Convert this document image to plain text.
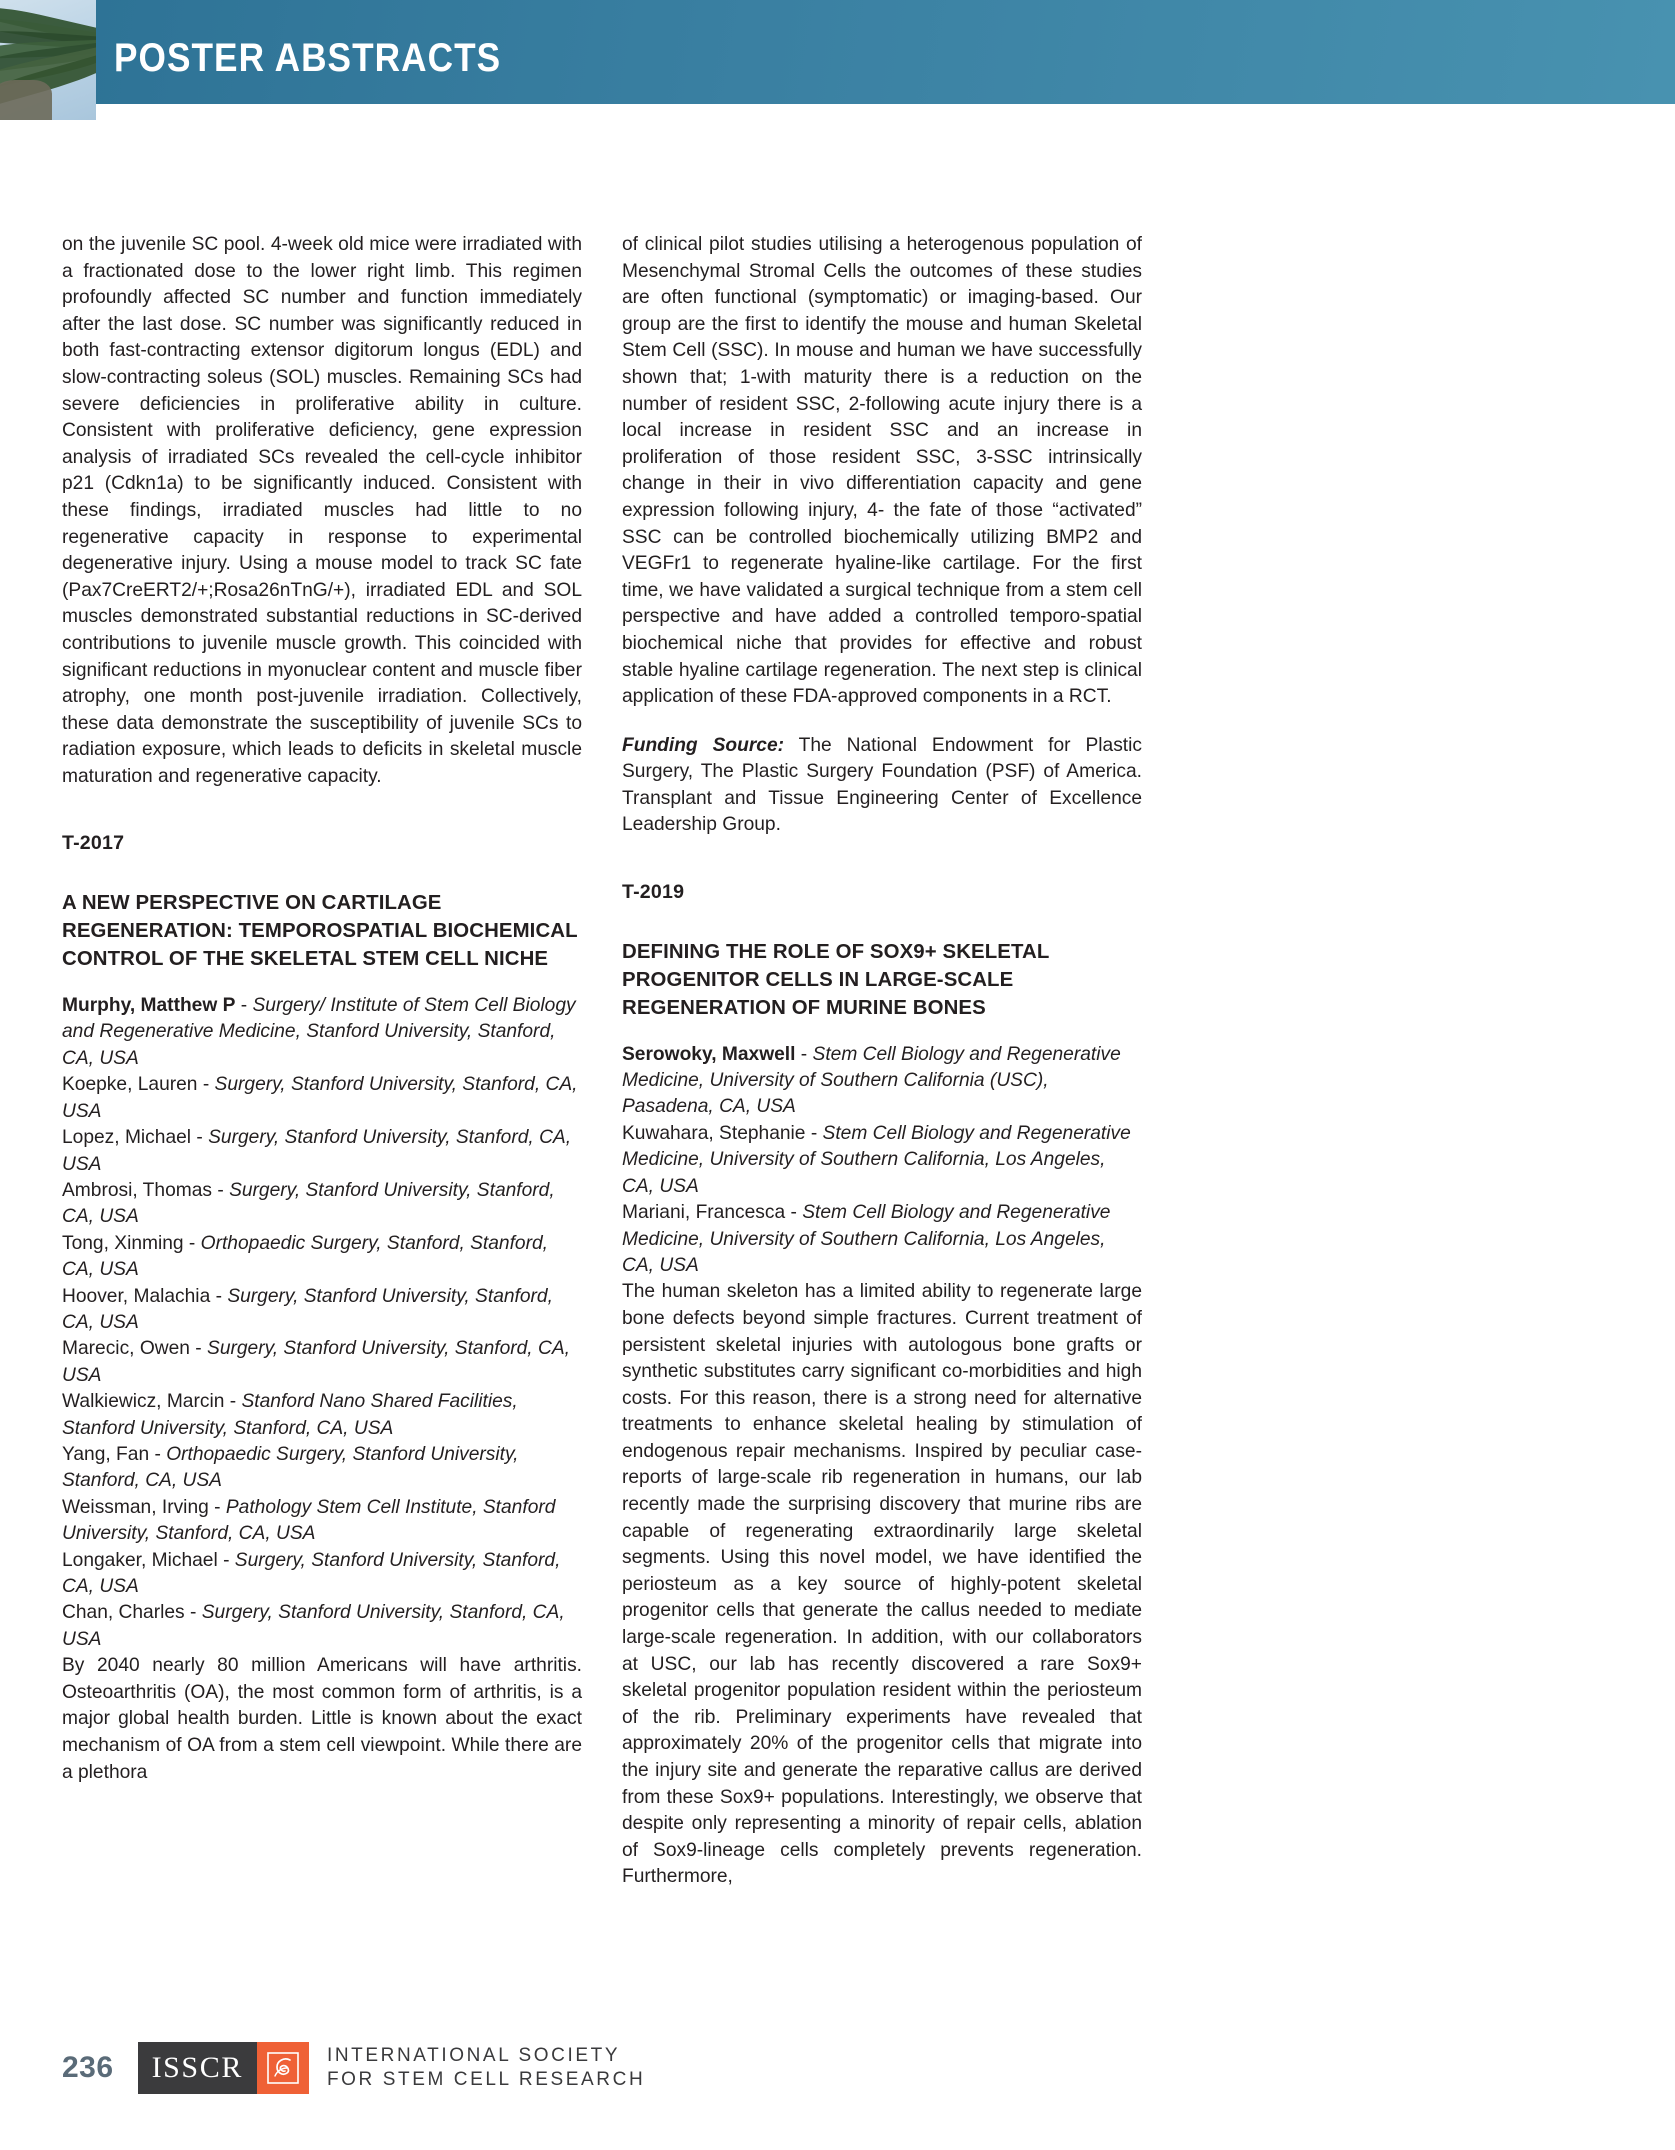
POSTER ABSTRACTS

on the juvenile SC pool. 4-week old mice were irradiated with a fractionated dose to the lower right limb. This regimen profoundly affected SC number and function immediately after the last dose. SC number was significantly reduced in both fast-contracting extensor digitorum longus (EDL) and slow-contracting soleus (SOL) muscles. Remaining SCs had severe deficiencies in proliferative ability in culture. Consistent with proliferative deficiency, gene expression analysis of irradiated SCs revealed the cell-cycle inhibitor p21 (Cdkn1a) to be significantly induced. Consistent with these findings, irradiated muscles had little to no regenerative capacity in response to experimental degenerative injury. Using a mouse model to track SC fate (Pax7CreERT2/+;Rosa26nTnG/+), irradiated EDL and SOL muscles demonstrated substantial reductions in SC-derived contributions to juvenile muscle growth. This coincided with significant reductions in myonuclear content and muscle fiber atrophy, one month post-juvenile irradiation. Collectively, these data demonstrate the susceptibility of juvenile SCs to radiation exposure, which leads to deficits in skeletal muscle maturation and regenerative capacity.

T-2017

A NEW PERSPECTIVE ON CARTILAGE REGENERATION: TEMPOROSPATIAL BIOCHEMICAL CONTROL OF THE SKELETAL STEM CELL NICHE

Murphy, Matthew P - Surgery/ Institute of Stem Cell Biology and Regenerative Medicine, Stanford University, Stanford, CA, USA
Koepke, Lauren - Surgery, Stanford University, Stanford, CA, USA
Lopez, Michael - Surgery, Stanford University, Stanford, CA, USA
Ambrosi, Thomas - Surgery, Stanford University, Stanford, CA, USA
Tong, Xinming - Orthopaedic Surgery, Stanford, Stanford, CA, USA
Hoover, Malachia - Surgery, Stanford University, Stanford, CA, USA
Marecic, Owen - Surgery, Stanford University, Stanford, CA, USA
Walkiewicz, Marcin - Stanford Nano Shared Facilities, Stanford University, Stanford, CA, USA
Yang, Fan - Orthopaedic Surgery, Stanford University, Stanford, CA, USA
Weissman, Irving - Pathology Stem Cell Institute, Stanford University, Stanford, CA, USA
Longaker, Michael - Surgery, Stanford University, Stanford, CA, USA
Chan, Charles - Surgery, Stanford University, Stanford, CA, USA

By 2040 nearly 80 million Americans will have arthritis. Osteoarthritis (OA), the most common form of arthritis, is a major global health burden. Little is known about the exact mechanism of OA from a stem cell viewpoint. While there are a plethora

of clinical pilot studies utilising a heterogenous population of Mesenchymal Stromal Cells the outcomes of these studies are often functional (symptomatic) or imaging-based. Our group are the first to identify the mouse and human Skeletal Stem Cell (SSC). In mouse and human we have successfully shown that; 1-with maturity there is a reduction on the number of resident SSC, 2-following acute injury there is a local increase in resident SSC and an increase in proliferation of those resident SSC, 3-SSC intrinsically change in their in vivo differentiation capacity and gene expression following injury, 4- the fate of those “activated” SSC can be controlled biochemically utilizing BMP2 and VEGFr1 to regenerate hyaline-like cartilage. For the first time, we have validated a surgical technique from a stem cell perspective and have added a controlled temporo-spatial biochemical niche that provides for effective and robust stable hyaline cartilage regeneration. The next step is clinical application of these FDA-approved components in a RCT.

Funding Source: The National Endowment for Plastic Surgery, The Plastic Surgery Foundation (PSF) of America. Transplant and Tissue Engineering Center of Excellence Leadership Group.

T-2019

DEFINING THE ROLE OF SOX9+ SKELETAL PROGENITOR CELLS IN LARGE-SCALE REGENERATION OF MURINE BONES

Serowoky, Maxwell - Stem Cell Biology and Regenerative Medicine, University of Southern California (USC), Pasadena, CA, USA
Kuwahara, Stephanie - Stem Cell Biology and Regenerative Medicine, University of Southern California, Los Angeles, CA, USA
Mariani, Francesca - Stem Cell Biology and Regenerative Medicine, University of Southern California, Los Angeles, CA, USA

The human skeleton has a limited ability to regenerate large bone defects beyond simple fractures. Current treatment of persistent skeletal injuries with autologous bone grafts or synthetic substitutes carry significant co-morbidities and high costs. For this reason, there is a strong need for alternative treatments to enhance skeletal healing by stimulation of endogenous repair mechanisms. Inspired by peculiar case-reports of large-scale rib regeneration in humans, our lab recently made the surprising discovery that murine ribs are capable of regenerating extraordinarily large skeletal segments. Using this novel model, we have identified the periosteum as a key source of highly-potent skeletal progenitor cells that generate the callus needed to mediate large-scale regeneration. In addition, with our collaborators at USC, our lab has recently discovered a rare Sox9+ skeletal progenitor population resident within the periosteum of the rib. Preliminary experiments have revealed that approximately 20% of the progenitor cells that migrate into the injury site and generate the reparative callus are derived from these Sox9+ populations. Interestingly, we observe that despite only representing a minority of repair cells, ablation of Sox9-lineage cells completely prevents regeneration. Furthermore,

236	ISSCR	INTERNATIONAL SOCIETY
FOR STEM CELL RESEARCH
